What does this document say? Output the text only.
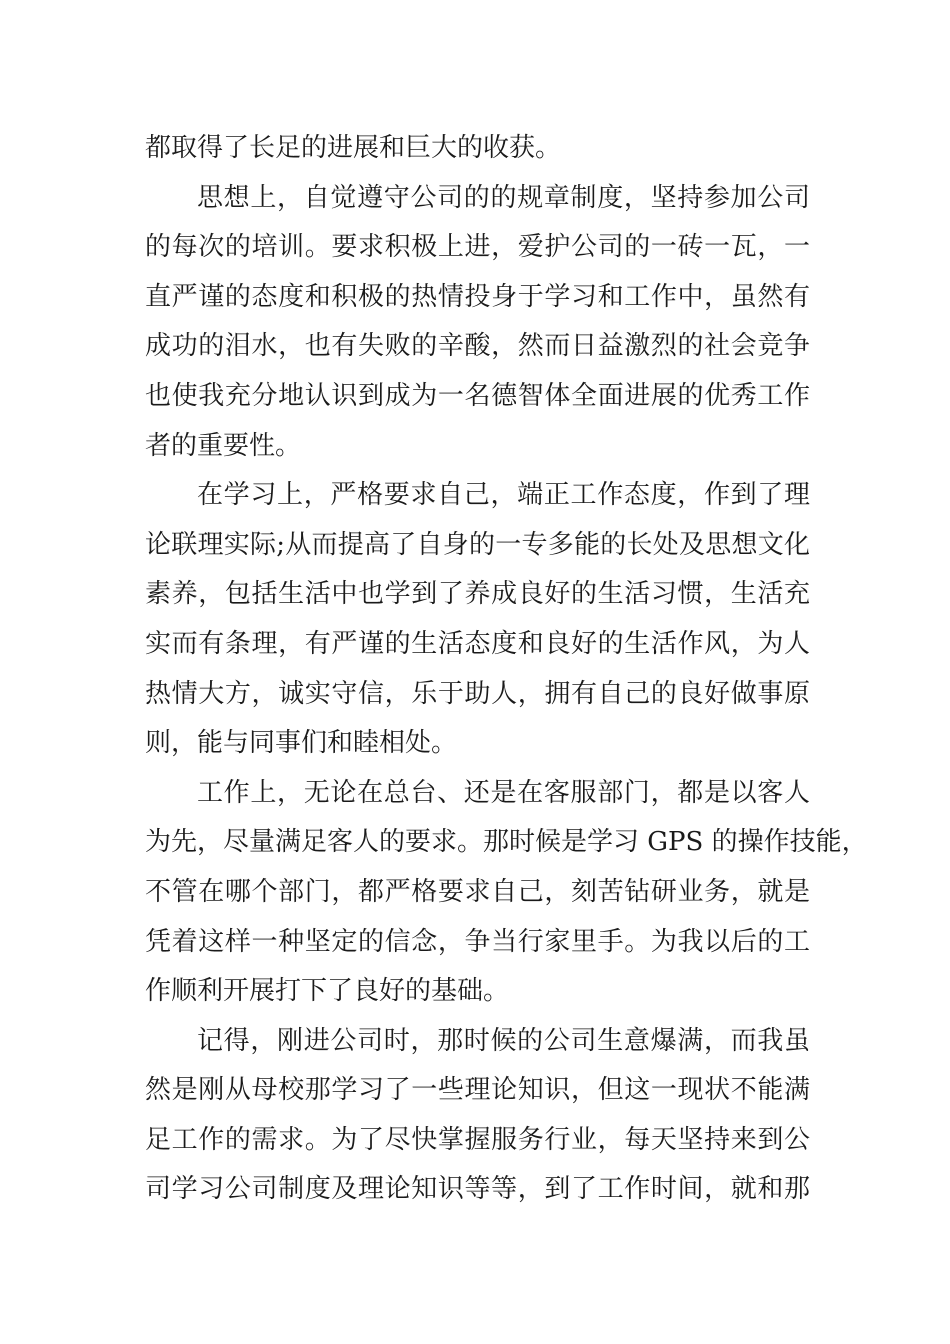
都取得了长足的进展和巨大的收获。
思想上，自觉遵守公司的的规章制度，坚持参加公司
的每次的培训。要求积极上进，爱护公司的一砖一瓦，一
直严谨的态度和积极的热情投身于学习和工作中，虽然有
成功的泪水，也有失败的辛酸，然而日益激烈的社会竞争
也使我充分地认识到成为一名德智体全面进展的优秀工作
者的重要性。
在学习上，严格要求自己，端正工作态度，作到了理
论联理实际;从而提高了自身的一专多能的长处及思想文化
素养，包括生活中也学到了养成良好的生活习惯，生活充
实而有条理，有严谨的生活态度和良好的生活作风，为人
热情大方，诚实守信，乐于助人，拥有自己的良好做事原
则，能与同事们和睦相处。
工作上，无论在总台、还是在客服部门，都是以客人
为先，尽量满足客人的要求。那时候是学习 GPS 的操作技能，
不管在哪个部门，都严格要求自己，刻苦钻研业务，就是
凭着这样一种坚定的信念，争当行家里手。为我以后的工
作顺利开展打下了良好的基础。
记得，刚进公司时，那时候的公司生意爆满，而我虽
然是刚从母校那学习了一些理论知识，但这一现状不能满
足工作的需求。为了尽快掌握服务行业，每天坚持来到公
司学习公司制度及理论知识等等，到了工作时间，就和那
